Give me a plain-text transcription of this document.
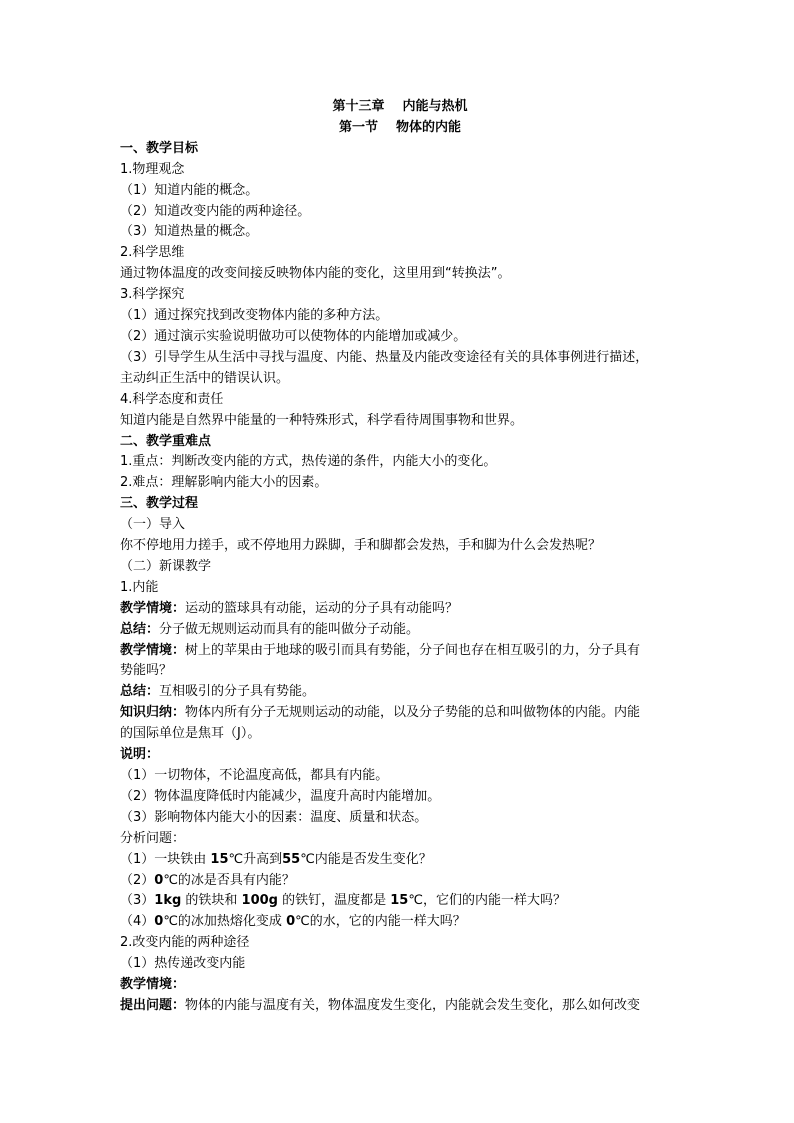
第十三章 内能与热机
第一节 物体的内能
一、教学目标
1.物理观念
（1）知道内能的概念。
（2）知道改变内能的两种途径。
（3）知道热量的概念。
2.科学思维
通过物体温度的改变间接反映物体内能的变化，这里用到“转换法”。
3.科学探究
（1）通过探究找到改变物体内能的多种方法。
（2）通过演示实验说明做功可以使物体的内能增加或减少。
（3）引导学生从生活中寻找与温度、内能、热量及内能改变途径有关的具体事例进行描述，
主动纠正生活中的错误认识。
4.科学态度和责任
知道内能是自然界中能量的一种特殊形式，科学看待周围事物和世界。
二、教学重难点
1.重点：判断改变内能的方式，热传递的条件，内能大小的变化。
2.难点：理解影响内能大小的因素。
三、教学过程
（一）导入
你不停地用力搓手，或不停地用力跺脚，手和脚都会发热，手和脚为什么会发热呢？
（二）新课教学
1.内能
教学情境：运动的篮球具有动能，运动的分子具有动能吗？
总结：分子做无规则运动而具有的能叫做分子动能。
教学情境：树上的苹果由于地球的吸引而具有势能，分子间也存在相互吸引的力，分子具有
势能吗？
总结：互相吸引的分子具有势能。
知识归纳：物体内所有分子无规则运动的动能，以及分子势能的总和叫做物体的内能。内能
的国际单位是焦耳（J）。
说明：
（1）一切物体，不论温度高低，都具有内能。
（2）物体温度降低时内能减少，温度升高时内能增加。
（3）影响物体内能大小的因素：温度、质量和状态。
分析问题：
（1）一块铁由 15℃升高到55℃内能是否发生变化？
（2）0℃的冰是否具有内能？
（3）1kg 的铁块和 100g 的铁钉，温度都是 15℃，它们的内能一样大吗？
（4）0℃的冰加热熔化变成 0℃的水，它的内能一样大吗？
2.改变内能的两种途径
（1）热传递改变内能
教学情境：
提出问题：物体的内能与温度有关，物体温度发生变化，内能就会发生变化，那么如何改变
